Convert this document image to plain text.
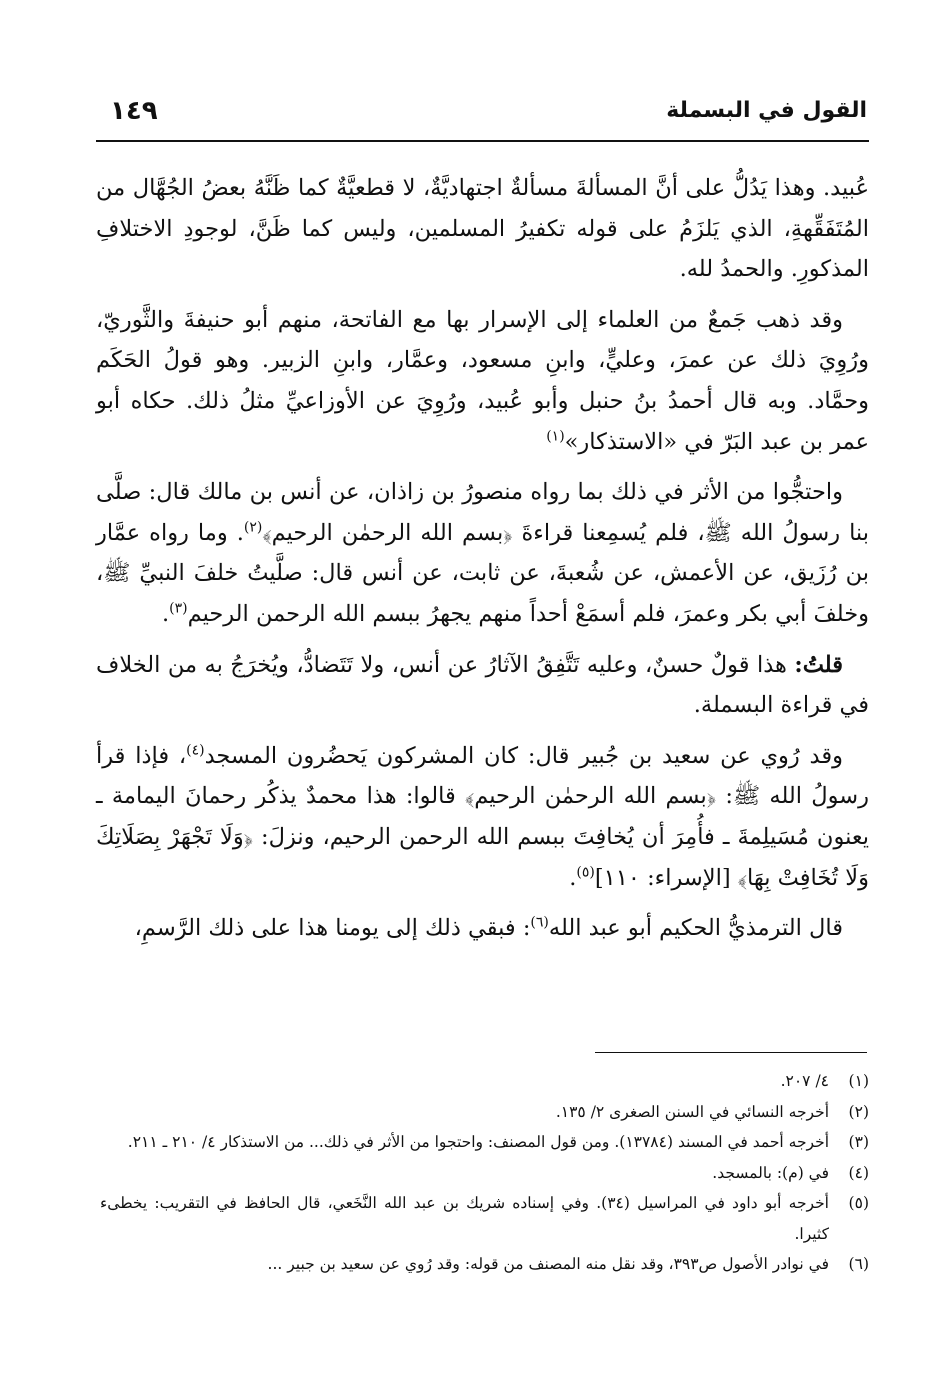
القول في البسملة
١٤٩

عُبيد. وهذا يَدُلُّ على أنَّ المسألةَ مسألةٌ اجتهاديَّةٌ، لا قطعيَّةٌ كما ظَنَّهُ بعضُ الجُهَّال من المُتَفَقِّهةِ، الذي يَلزَمُ على قوله تكفيرُ المسلمين، وليس كما ظَنَّ، لوجودِ الاختلافِ المذكورِ. والحمدُ لله.

وقد ذهب جَمعٌ من العلماء إلى الإسرار بها مع الفاتحة، منهم أبو حنيفةَ والثَّوريّ، ورُوِيَ ذلك عن عمرَ، وعليٍّ، وابنِ مسعود، وعمَّار، وابنِ الزبير. وهو قولُ الحَكَم وحمَّاد. وبه قال أحمدُ بنُ حنبل وأبو عُبيد، ورُوِيَ عن الأوزاعيِّ مثلُ ذلك. حكاه أبو عمر بن عبد البَرّ في «الاستذكار»$^{(١)}$

واحتجُّوا من الأثر في ذلك بما رواه منصورُ بن زاذان، عن أنس بن مالك قال: صلَّى بنا رسولُ الله ﷺ، فلم يُسمِعنا قراءةَ ﴿بسم الله الرحمٰن الرحيم﴾$^{(٢)}$. وما رواه عمَّار بن رُزَيق، عن الأعمش، عن شُعبةَ، عن ثابت، عن أنس قال: صلَّيتُ خلفَ النبيِّ ﷺ، وخلفَ أبي بكر وعمرَ، فلم أسمَعْ أحداً منهم يجهرُ ببسم الله الرحمن الرحيم$^{(٣)}$.

قلتُ: هذا قولٌ حسنٌ، وعليه تَتَّفِقُ الآثارُ عن أنس، ولا تَتَضادُّ، ويُخرَجُ به من الخلاف في قراءة البسملة.

وقد رُوي عن سعيد بن جُبير قال: كان المشركون يَحضُرون المسجد$^{(٤)}$، فإذا قرأ رسولُ الله ﷺ: ﴿بسم الله الرحمٰن الرحيم﴾ قالوا: هذا محمدٌ يذكُر رحمانَ اليمامة ـ يعنون مُسَيلِمةَ ـ فأُمِرَ أن يُخافِتَ ببسم الله الرحمن الرحيم، ونزلَ: ﴿وَلَا تَجْهَرْ بِصَلَاتِكَ وَلَا تُخَافِتْ بِهَا﴾ [الإسراء: ١١٠]$^{(٥)}$.

قال الترمذيُّ الحكيم أبو عبد الله$^{(٦)}$: فبقي ذلك إلى يومنا هذا على ذلك الرَّسمِ،

(١)
٤/ ٢٠٧.
(٢)
أخرجه النسائي في السنن الصغرى ٢/ ١٣٥.
(٣)
أخرجه أحمد في المسند (١٣٧٨٤). ومن قول المصنف: واحتجوا من الأثر في ذلك... من الاستذكار ٤/ ٢١٠ ـ ٢١١.
(٤)
في (م): بالمسجد.
(٥)
أخرجه أبو داود في المراسيل (٣٤). وفي إسناده شريك بن عبد الله النَّخَعي، قال الحافظ في التقريب: يخطىء كثيرا.
(٦)
في نوادر الأصول ص٣٩٣، وقد نقل منه المصنف من قوله: وقد رُوي عن سعيد بن جبير ...
